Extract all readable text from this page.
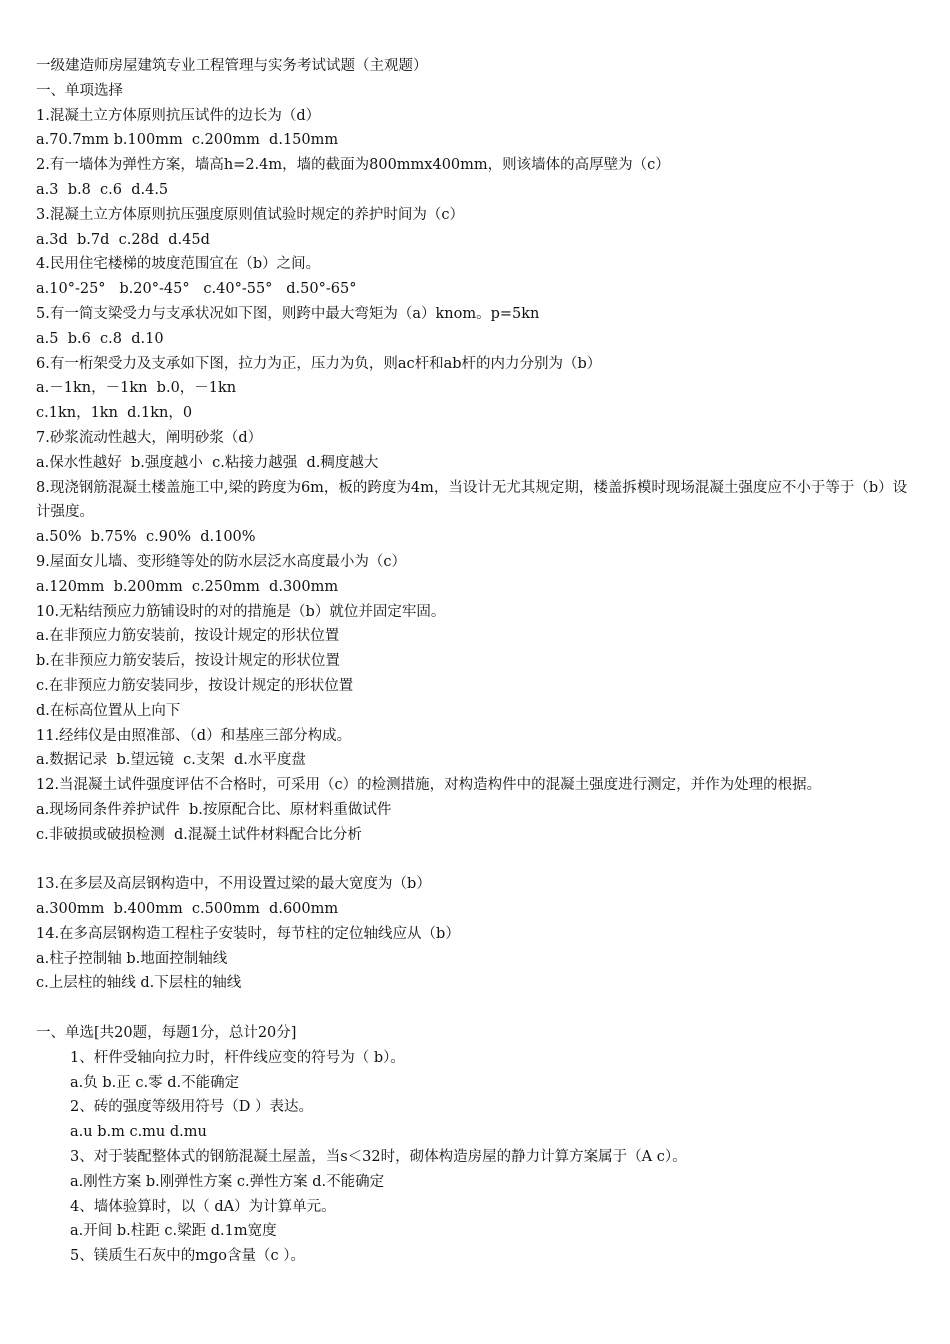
一级建造师房屋建筑专业工程管理与实务考试试题（主观题）
一、单项选择
1.混凝土立方体原则抗压试件的边长为（d）
a.70.7mm b.100mm  c.200mm  d.150mm
2.有一墙体为弹性方案，墙高h=2.4m，墙的截面为800mmx400mm，则该墙体的高厚壁为（c）
a.3  b.8  c.6  d.4.5
3.混凝土立方体原则抗压强度原则值试验时规定的养护时间为（c）
a.3d  b.7d  c.28d  d.45d
4.民用住宅楼梯的坡度范围宜在（b）之间。
a.10°-25°   b.20°-45°   c.40°-55°   d.50°-65°
5.有一简支梁受力与支承状况如下图，则跨中最大弯矩为（a）knom。p=5kn
a.5  b.6  c.8  d.10
6.有一桁架受力及支承如下图，拉力为正，压力为负，则ac杆和ab杆的内力分别为（b）
a.－1kn，－1kn  b.0，－1kn
c.1kn，1kn  d.1kn，0
7.砂浆流动性越大，阐明砂浆（d）
a.保水性越好  b.强度越小  c.粘接力越强  d.稠度越大
8.现浇钢筋混凝土楼盖施工中,梁的跨度为6m，板的跨度为4m，当设计无尤其规定期，楼盖拆模时现场混凝土强度应不小于等于（b）设计强度。
a.50%  b.75%  c.90%  d.100%
9.屋面女儿墙、变形缝等处的防水层泛水高度最小为（c）
a.120mm  b.200mm  c.250mm  d.300mm
10.无粘结预应力筋铺设时的对的措施是（b）就位并固定牢固。
a.在非预应力筋安装前，按设计规定的形状位置
b.在非预应力筋安装后，按设计规定的形状位置
c.在非预应力筋安装同步，按设计规定的形状位置
d.在标高位置从上向下
11.经纬仪是由照准部、（d）和基座三部分构成。
a.数据记录  b.望远镜  c.支架  d.水平度盘
12.当混凝土试件强度评估不合格时，可采用（c）的检测措施，对构造构件中的混凝土强度进行测定，并作为处理的根据。
a.现场同条件养护试件  b.按原配合比、原材料重做试件
c.非破损或破损检测  d.混凝土试件材料配合比分析
13.在多层及高层钢构造中，不用设置过梁的最大宽度为（b）
a.300mm  b.400mm  c.500mm  d.600mm
14.在多高层钢构造工程柱子安装时，每节柱的定位轴线应从（b）
a.柱子控制轴 b.地面控制轴线
c.上层柱的轴线 d.下层柱的轴线
一、单选[共20题，每题1分，总计20分]
1、杆件受轴向拉力时，杆件线应变的符号为（ b）。
a.负 b.正 c.零 d.不能确定
2、砖的强度等级用符号（D ）表达。
a.u b.m c.mu d.mu
3、对于装配整体式的钢筋混凝土屋盖，当s＜32时，砌体构造房屋的静力计算方案属于（A c）。
a.刚性方案 b.刚弹性方案 c.弹性方案 d.不能确定
4、墙体验算时，以（ dA）为计算单元。
a.开间 b.柱距 c.梁距 d.1m宽度
5、镁质生石灰中的mgo含量（c ）。
